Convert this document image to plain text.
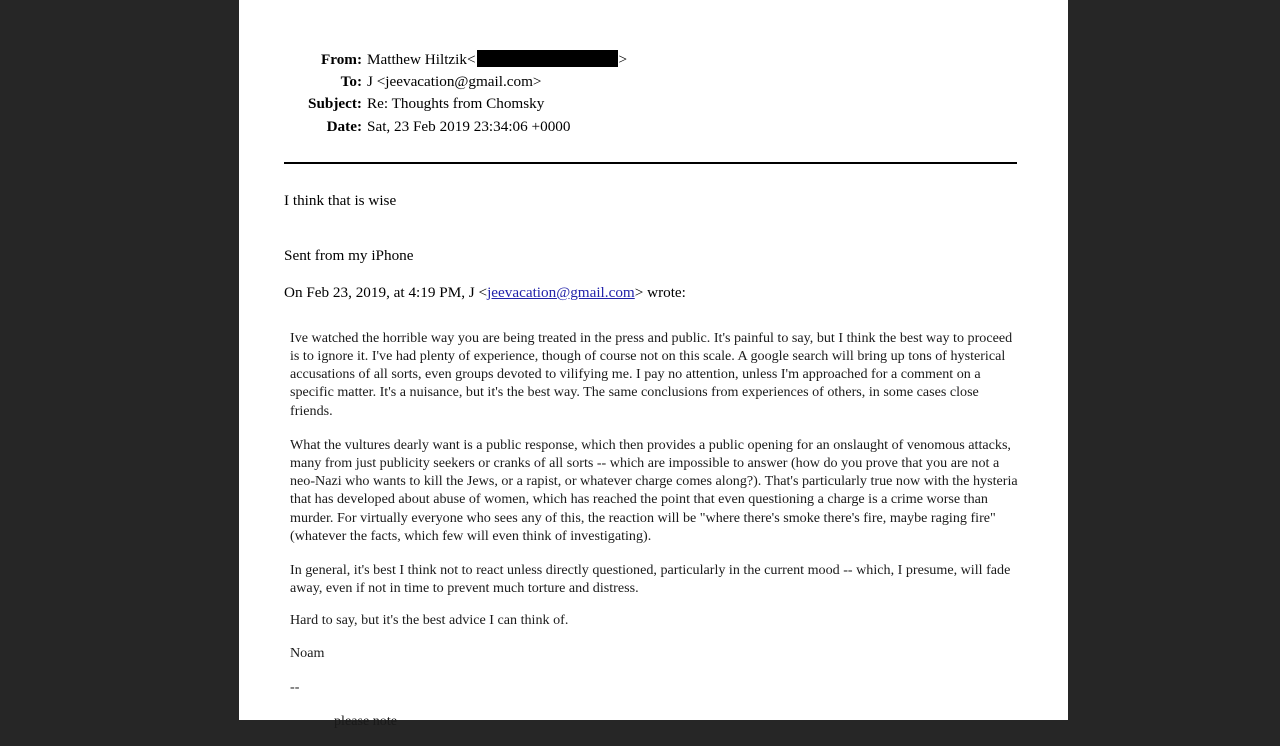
From:	Matthew Hiltzik< >
To:	J <jeevacation@gmail.com>
Subject:	Re: Thoughts from Chomsky
Date:	Sat, 23 Feb 2019 23:34:06 +0000
I think that is wise
Sent from my iPhone
On Feb 23, 2019, at 4:19 PM, J <jeevacation@gmail.com> wrote:

Ive watched the horrible way you are being treated in the press and public. It's painful to say, but I think the best way to proceed is to ignore it. I've had plenty of experience, though of course not on this scale. A google search will bring up tons of hysterical accusations of all sorts, even groups devoted to vilifying me. I pay no attention, unless I'm approached for a comment on a specific matter. It's a nuisance, but it's the best way. The same conclusions from experiences of others, in some cases close friends.

What the vultures dearly want is a public response, which then provides a public opening for an onslaught of venomous attacks, many from just publicity seekers or cranks of all sorts -- which are impossible to answer (how do you prove that you are not a neo-Nazi who wants to kill the Jews, or a rapist, or whatever charge comes along?). That's particularly true now with the hysteria that has developed about abuse of women, which has reached the point that even questioning a charge is a crime worse than murder. For virtually everyone who sees any of this, the reaction will be "where there's smoke there's fire, maybe raging fire" (whatever the facts, which few will even think of investigating).

In general, it's best I think not to react unless directly questioned, particularly in the current mood -- which, I presume, will fade away, even if not in time to prevent much torture and distress.

Hard to say, but it's the best advice I can think of.

Noam

--

please note
